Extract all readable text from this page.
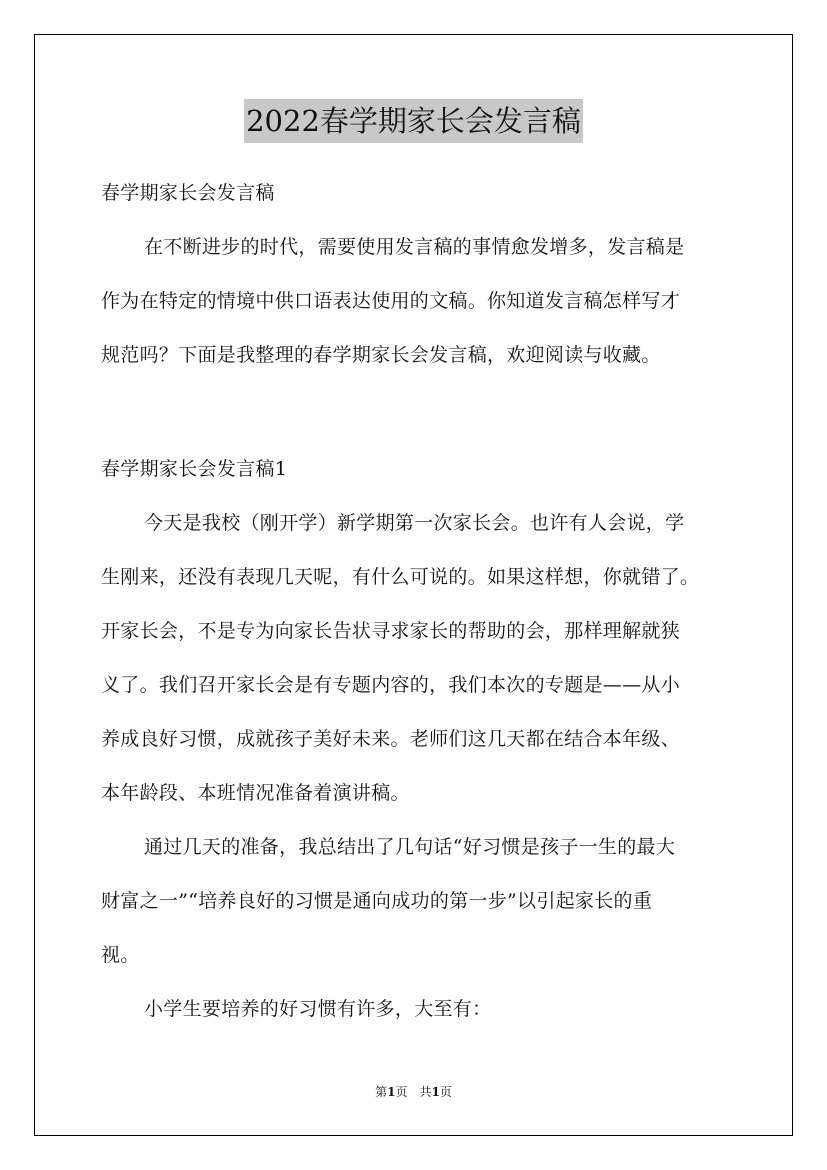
2022春学期家长会发言稿
春学期家长会发言稿
在不断进步的时代，需要使用发言稿的事情愈发增多，发言稿是
作为在特定的情境中供口语表达使用的文稿。你知道发言稿怎样写才
规范吗？下面是我整理的春学期家长会发言稿，欢迎阅读与收藏。
春学期家长会发言稿1
今天是我校（刚开学）新学期第一次家长会。也许有人会说，学
生刚来，还没有表现几天呢，有什么可说的。如果这样想，你就错了。
开家长会，不是专为向家长告状寻求家长的帮助的会，那样理解就狭
义了。我们召开家长会是有专题内容的，我们本次的专题是——从小
养成良好习惯，成就孩子美好未来。老师们这几天都在结合本年级、
本年龄段、本班情况准备着演讲稿。
通过几天的准备，我总结出了几句话“好习惯是孩子一生的最大
财富之一”“培养良好的习惯是通向成功的第一步”以引起家长的重
视。
小学生要培养的好习惯有许多，大至有：
第1页　共1页
